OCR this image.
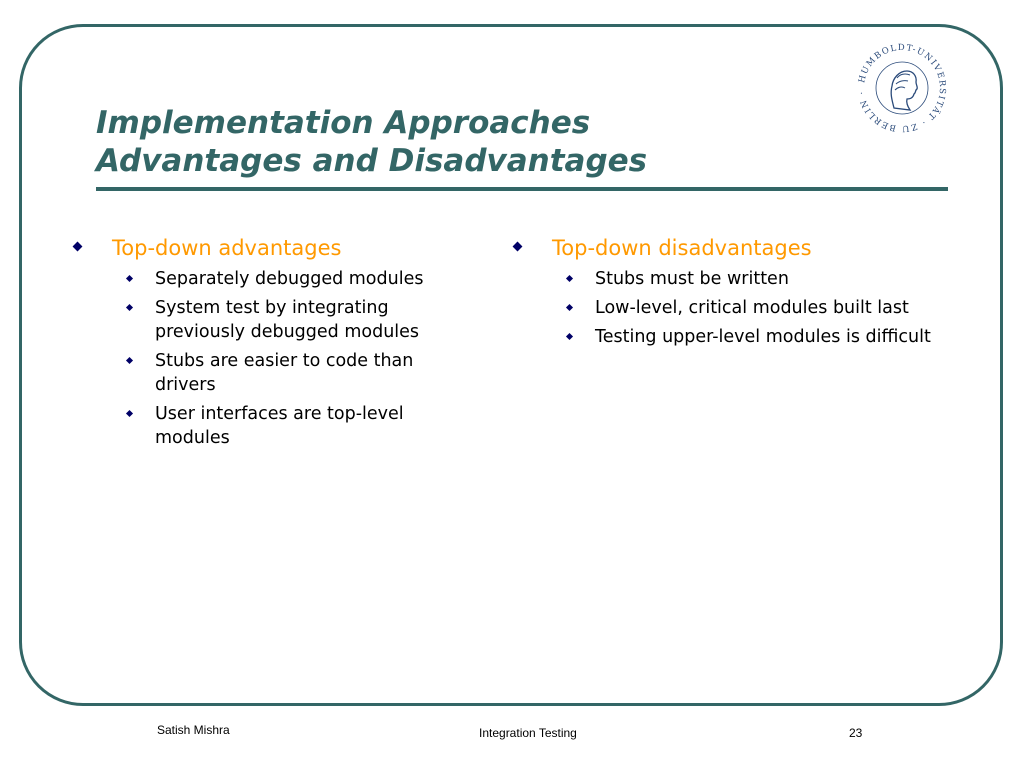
HUMBOLDT-UNIVERSITÄT · ZU BERLIN ·
Implementation Approaches
Advantages and Disadvantages
Top-down advantages
Separately debugged modules
System test by integrating previously debugged modules
Stubs are easier to code than drivers
User interfaces are top-level modules
Top-down disadvantages
Stubs must be written
Low-level, critical modules built last
Testing upper-level modules is difficult
Satish Mishra	Integration Testing	23
